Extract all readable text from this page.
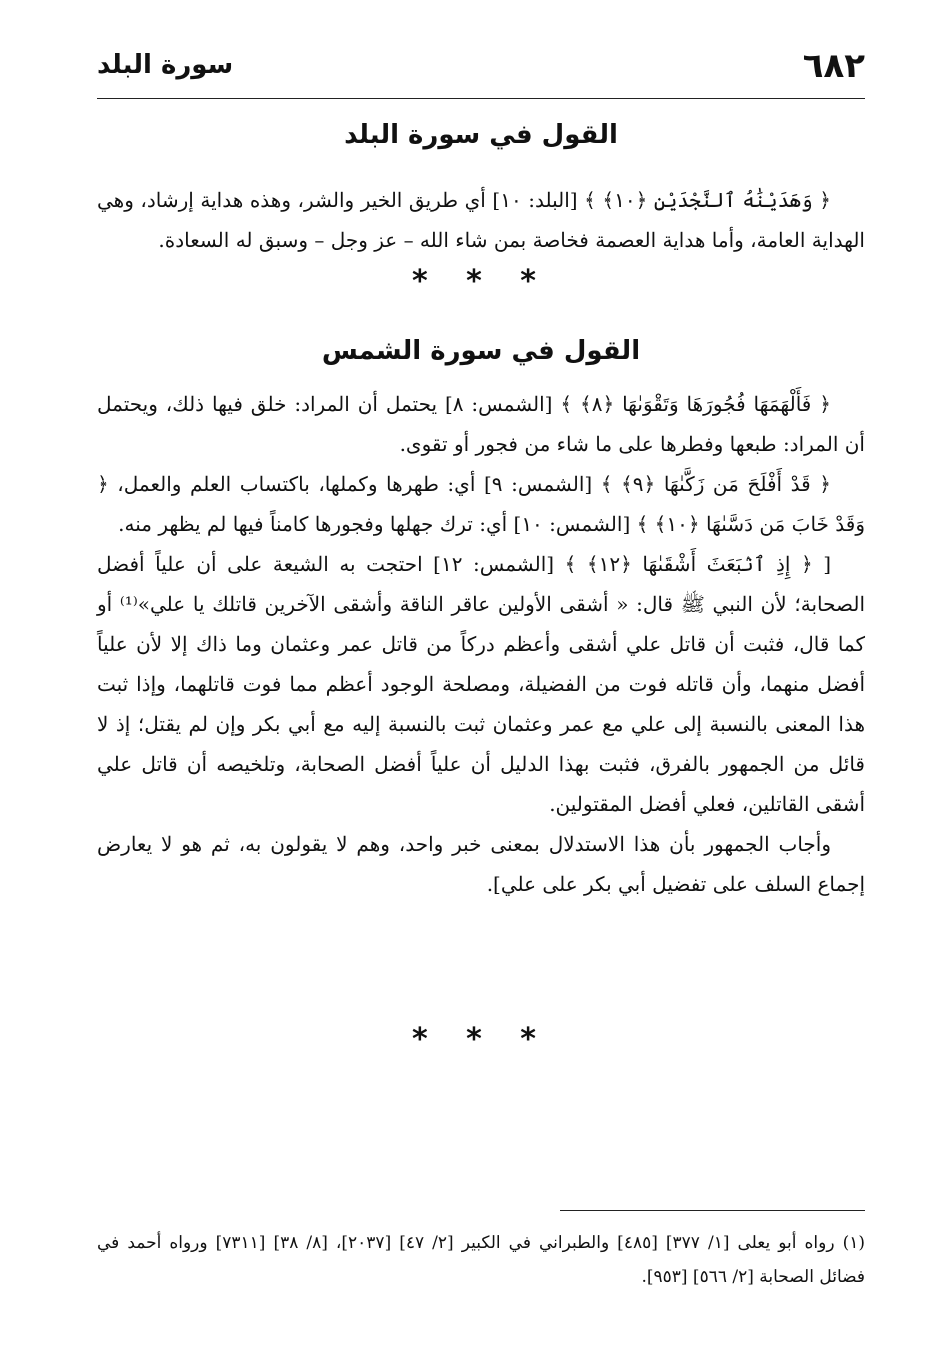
٦٨٢
سورة البلد
القول في سورة البلد

﴿ وَهَدَيْنَٰهُ ٱلنَّجْدَيْنِ ﴿١٠﴾ ﴾ [البلد: ١٠] أي طريق الخير والشر، وهذه هداية إرشاد، وهي الهداية العامة، وأما هداية العصمة فخاصة بمن شاء الله – عز وجل – وسبق له السعادة.

* * *
القول في سورة الشمس

﴿ فَأَلْهَمَهَا فُجُورَهَا وَتَقْوَىٰهَا ﴿٨﴾ ﴾ [الشمس: ٨] يحتمل أن المراد: خلق فيها ذلك، ويحتمل أن المراد: طبعها وفطرها على ما شاء من فجور أو تقوى.

﴿ قَدْ أَفْلَحَ مَن زَكَّىٰهَا ﴿٩﴾ ﴾ [الشمس: ٩] أي: طهرها وكملها، باكتساب العلم والعمل، ﴿ وَقَدْ خَابَ مَن دَسَّىٰهَا ﴿١٠﴾ ﴾ [الشمس: ١٠] أي: ترك جهلها وفجورها كامناً فيها لم يظهر منه.

[ ﴿ إِذِ ٱنۢبَعَثَ أَشْقَىٰهَا ﴿١٢﴾ ﴾ [الشمس: ١٢] احتجت به الشيعة على أن علياً أفضل الصحابة؛ لأن النبي ﷺ قال: « أشقى الأولين عاقر الناقة وأشقى الآخرين قاتلك يا علي»⁽¹⁾ أو كما قال، فثبت أن قاتل علي أشقى وأعظم دركاً من قاتل عمر وعثمان وما ذاك إلا لأن علياً أفضل منهما، وأن قاتله فوت من الفضيلة، ومصلحة الوجود أعظم مما فوت قاتلهما، وإذا ثبت هذا المعنى بالنسبة إلى علي مع عمر وعثمان ثبت بالنسبة إليه مع أبي بكر وإن لم يقتل؛ إذ لا قائل من الجمهور بالفرق، فثبت بهذا الدليل أن علياً أفضل الصحابة، وتلخيصه أن قاتل علي أشقى القاتلين، فعلي أفضل المقتولين.

وأجاب الجمهور بأن هذا الاستدلال بمعنى خبر واحد، وهم لا يقولون به، ثم هو لا يعارض إجماع السلف على تفضيل أبي بكر على علي].

* * *

(١) رواه أبو يعلى [١/ ٣٧٧] [٤٨٥] والطبراني في الكبير [٢/ ٤٧] [٢٠٣٧]، [٨/ ٣٨] [٧٣١١] ورواه أحمد في فضائل الصحابة [٢/ ٥٦٦] [٩٥٣].
